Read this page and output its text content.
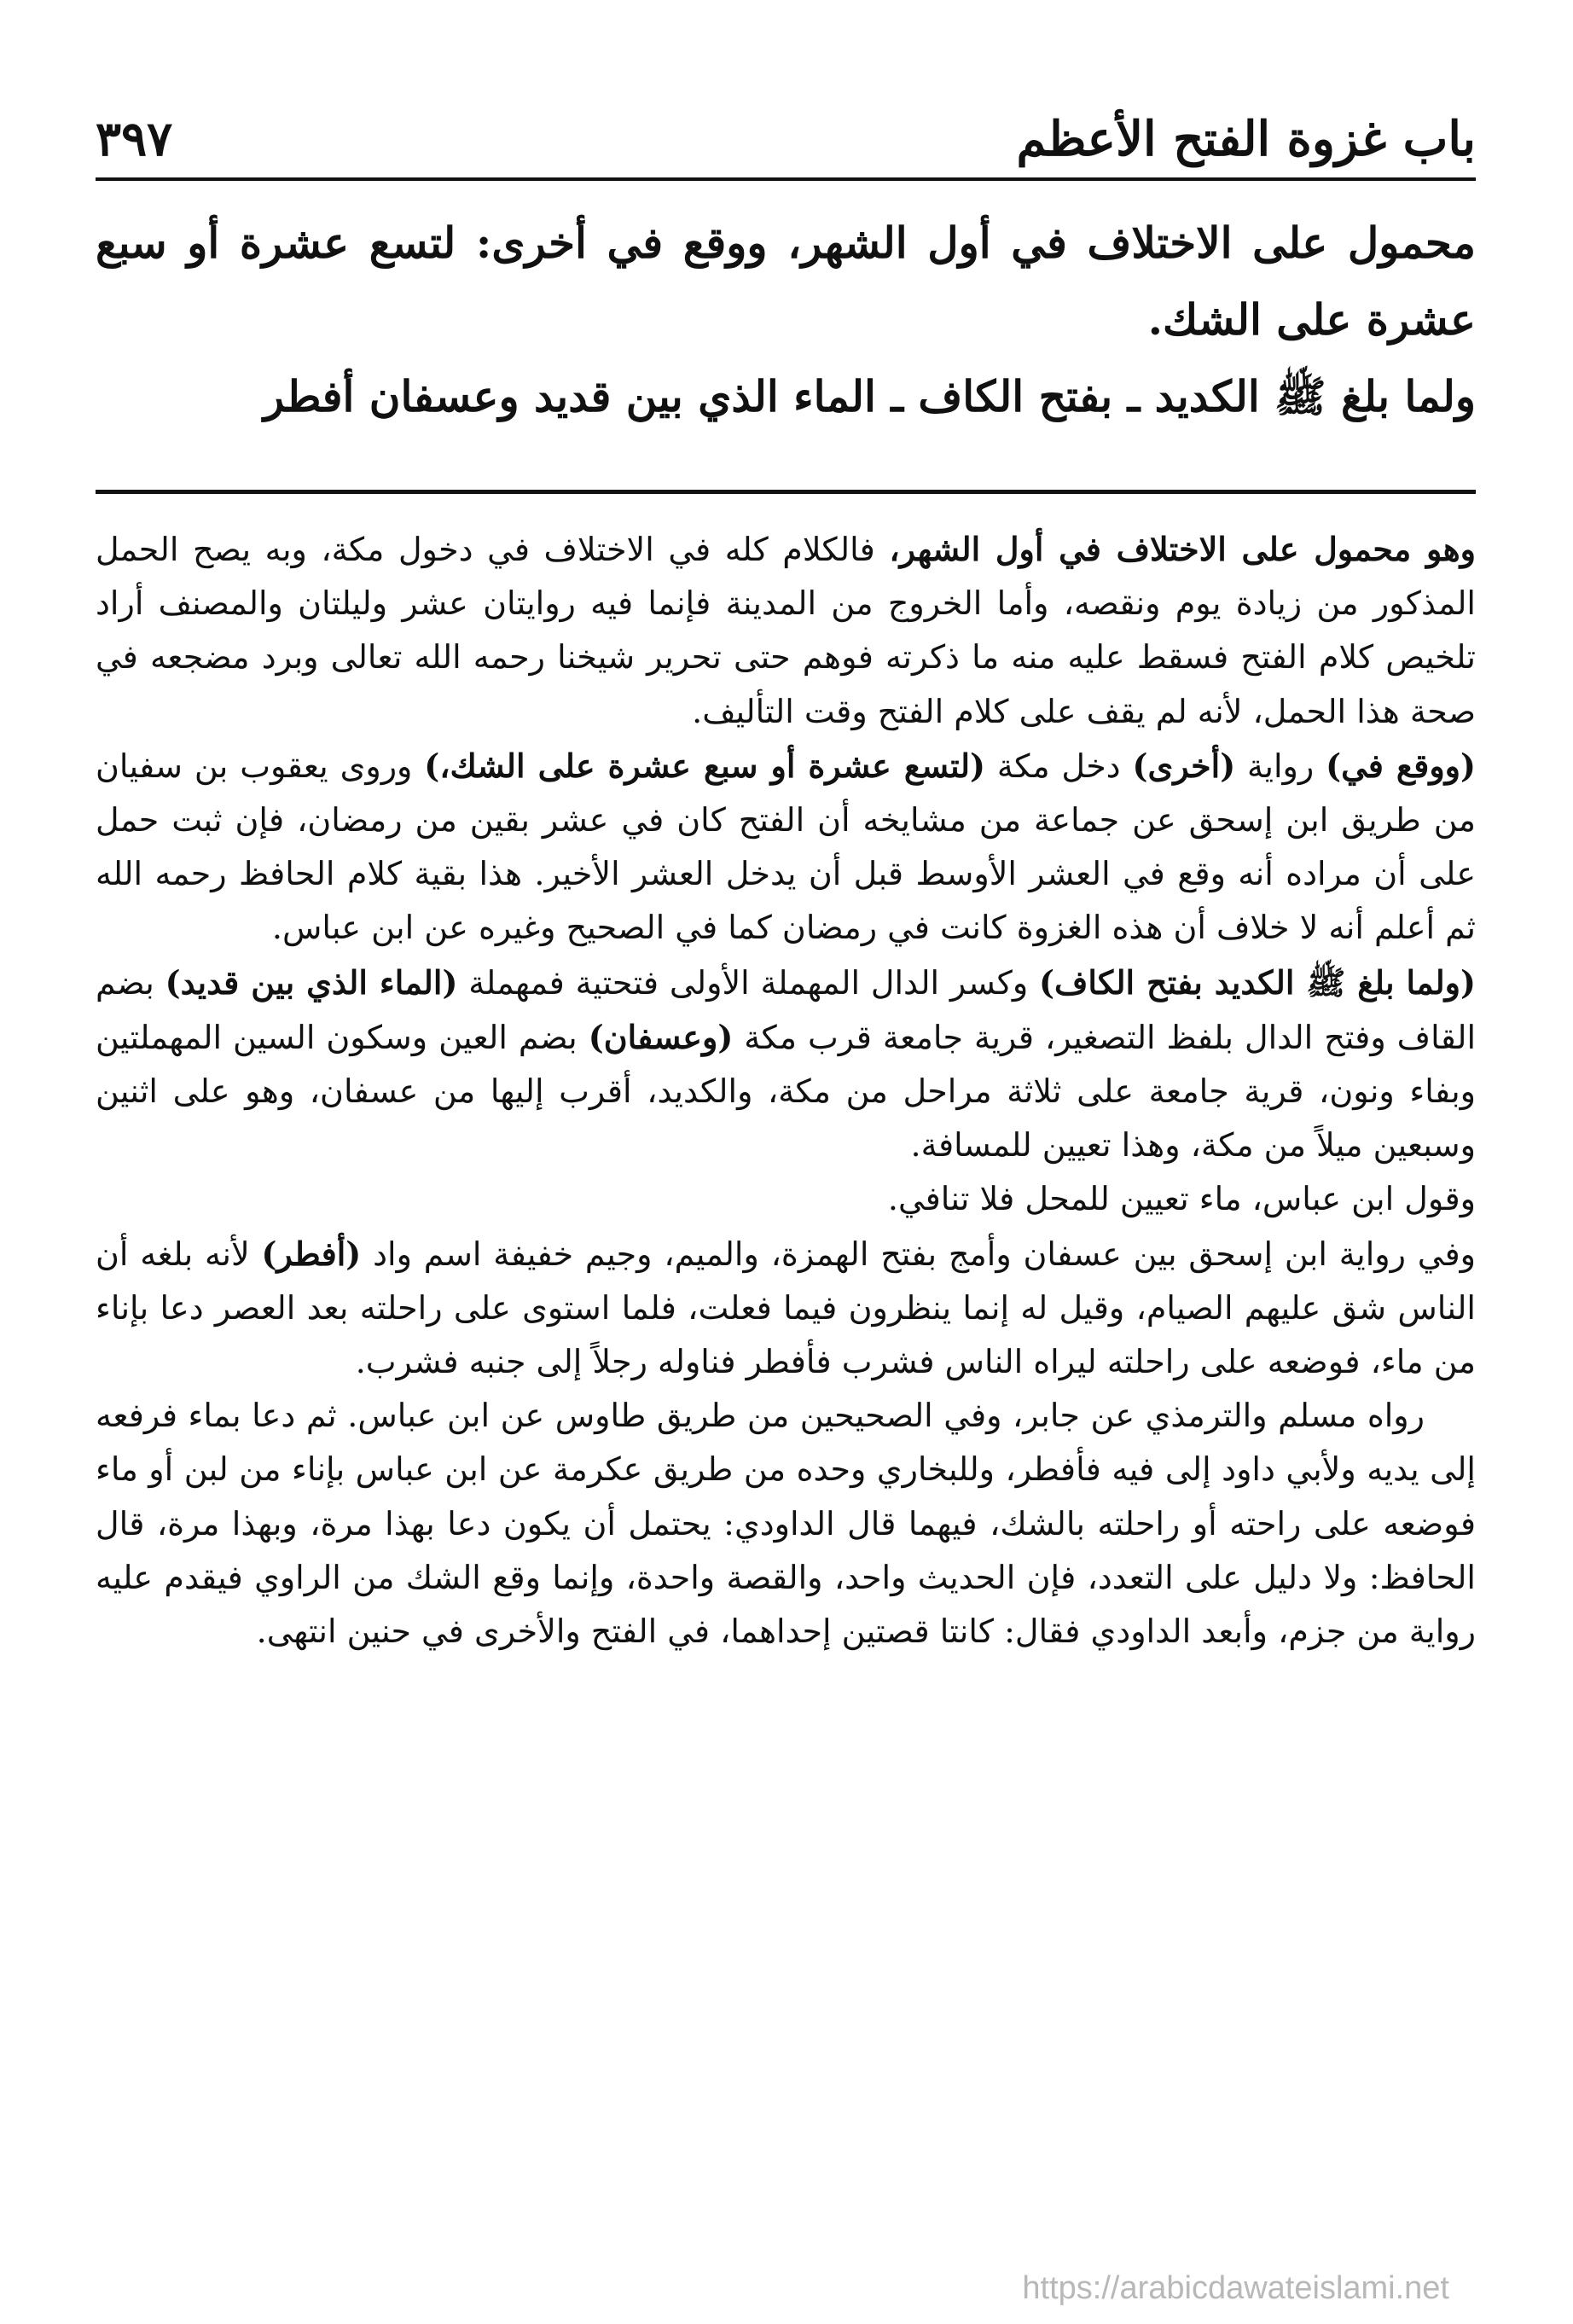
باب غزوة الفتح الأعظم
٣٩٧

محمول على الاختلاف في أول الشهر، ووقع في أخرى: لتسع عشرة أو سبع عشرة على الشك.

ولما بلغ ﷺ الكديد ـ بفتح الكاف ـ الماء الذي بين قديد وعسفان أفطر

وهو محمول على الاختلاف في أول الشهر، فالكلام كله في الاختلاف في دخول مكة، وبه يصح الحمل المذكور من زيادة يوم ونقصه، وأما الخروج من المدينة فإنما فيه روايتان عشر وليلتان والمصنف أراد تلخيص كلام الفتح فسقط عليه منه ما ذكرته فوهم حتى تحرير شيخنا رحمه الله تعالى وبرد مضجعه في صحة هذا الحمل، لأنه لم يقف على كلام الفتح وقت التأليف.

(ووقع في) رواية (أخرى) دخل مكة (لتسع عشرة أو سبع عشرة على الشك،) وروى يعقوب بن سفيان من طريق ابن إسحق عن جماعة من مشايخه أن الفتح كان في عشر بقين من رمضان، فإن ثبت حمل على أن مراده أنه وقع في العشر الأوسط قبل أن يدخل العشر الأخير. هذا بقية كلام الحافظ رحمه الله ثم أعلم أنه لا خلاف أن هذه الغزوة كانت في رمضان كما في الصحيح وغيره عن ابن عباس.

(ولما بلغ ﷺ الكديد بفتح الكاف) وكسر الدال المهملة الأولى فتحتية فمهملة (الماء الذي بين قديد) بضم القاف وفتح الدال بلفظ التصغير، قرية جامعة قرب مكة (وعسفان) بضم العين وسكون السين المهملتين وبفاء ونون، قرية جامعة على ثلاثة مراحل من مكة، والكديد، أقرب إليها من عسفان، وهو على اثنين وسبعين ميلاً من مكة، وهذا تعيين للمسافة.

وقول ابن عباس، ماء تعيين للمحل فلا تنافي.

وفي رواية ابن إسحق بين عسفان وأمج بفتح الهمزة، والميم، وجيم خفيفة اسم واد (أفطر) لأنه بلغه أن الناس شق عليهم الصيام، وقيل له إنما ينظرون فيما فعلت، فلما استوى على راحلته بعد العصر دعا بإناء من ماء، فوضعه على راحلته ليراه الناس فشرب فأفطر فناوله رجلاً إلى جنبه فشرب.

رواه مسلم والترمذي عن جابر، وفي الصحيحين من طريق طاوس عن ابن عباس. ثم دعا بماء فرفعه إلى يديه ولأبي داود إلى فيه فأفطر، وللبخاري وحده من طريق عكرمة عن ابن عباس بإناء من لبن أو ماء فوضعه على راحته أو راحلته بالشك، فيهما قال الداودي: يحتمل أن يكون دعا بهذا مرة، وبهذا مرة، قال الحافظ: ولا دليل على التعدد، فإن الحديث واحد، والقصة واحدة، وإنما وقع الشك من الراوي فيقدم عليه رواية من جزم، وأبعد الداودي فقال: كانتا قصتين إحداهما، في الفتح والأخرى في حنين انتهى.

https://arabicdawateislami.net
